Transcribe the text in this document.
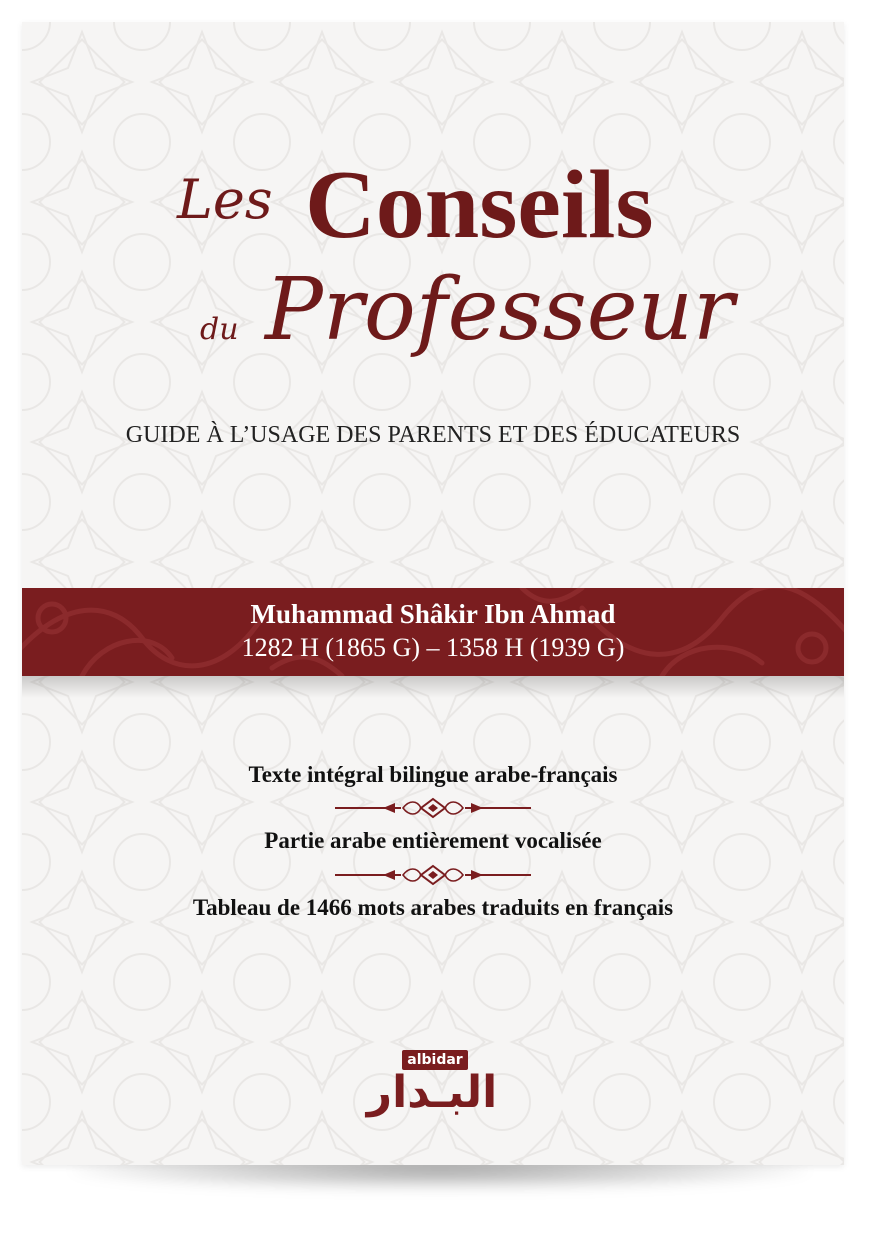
Les Conseils
du Professeur
GUIDE À L’USAGE DES PARENTS ET DES ÉDUCATEURS
Muhammad Shâkir Ibn Ahmad
1282 H (1865 G) – 1358 H (1939 G)
Texte intégral bilingue arabe-français
Partie arabe entièrement vocalisée
Tableau de 1466 mots arabes traduits en français
albidar
البـدار
